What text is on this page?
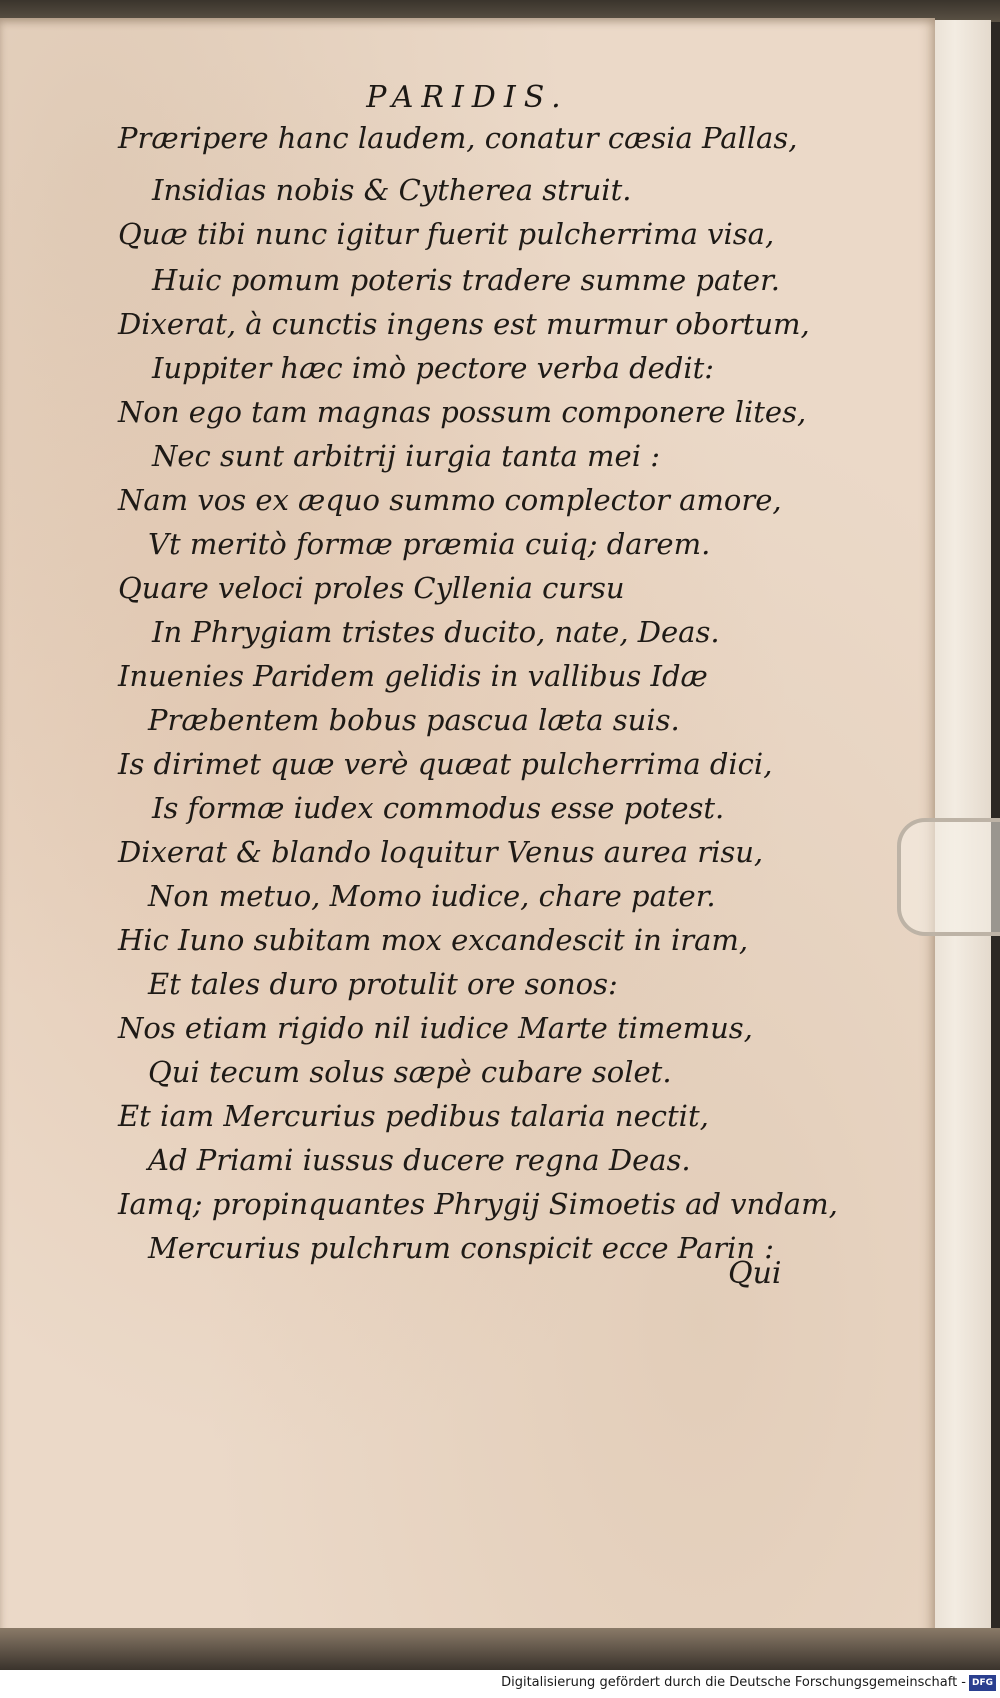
PARIDIS.
Præripere hanc laudem, conatur cæsia Pallas,
Insidias nobis & Cytherea struit.
Quæ tibi nunc igitur fuerit pulcherrima visa,
Huic pomum poteris tradere summe pater.
Dixerat, à cunctis ingens est murmur obortum,
Iuppiter hæc imò pectore verba dedit:
Non ego tam magnas possum componere lites,
Nec sunt arbitrij iurgia tanta mei :
Nam vos ex æquo summo complector amore,
Vt meritò formæ præmia cuiq; darem.
Quare veloci proles Cyllenia cursu
In Phrygiam tristes ducito, nate, Deas.
Inuenies Paridem gelidis in vallibus Idæ
Præbentem bobus pascua læta suis.
Is dirimet quæ verè quæat pulcherrima dici,
Is formæ iudex commodus esse potest.
Dixerat & blando loquitur Venus aurea risu,
Non metuo, Momo iudice, chare pater.
Hic Iuno subitam mox excandescit in iram,
Et tales duro protulit ore sonos:
Nos etiam rigido nil iudice Marte timemus,
Qui tecum solus sæpè cubare solet.
Et iam Mercurius pedibus talaria nectit,
Ad Priami iussus ducere regna Deas.
Iamq; propinquantes Phrygij Simoetis ad vndam,
Mercurius pulchrum conspicit ecce Parin :
Qui
Digitalisierung gefördert durch die Deutsche Forschungsgemeinschaft - DFG
